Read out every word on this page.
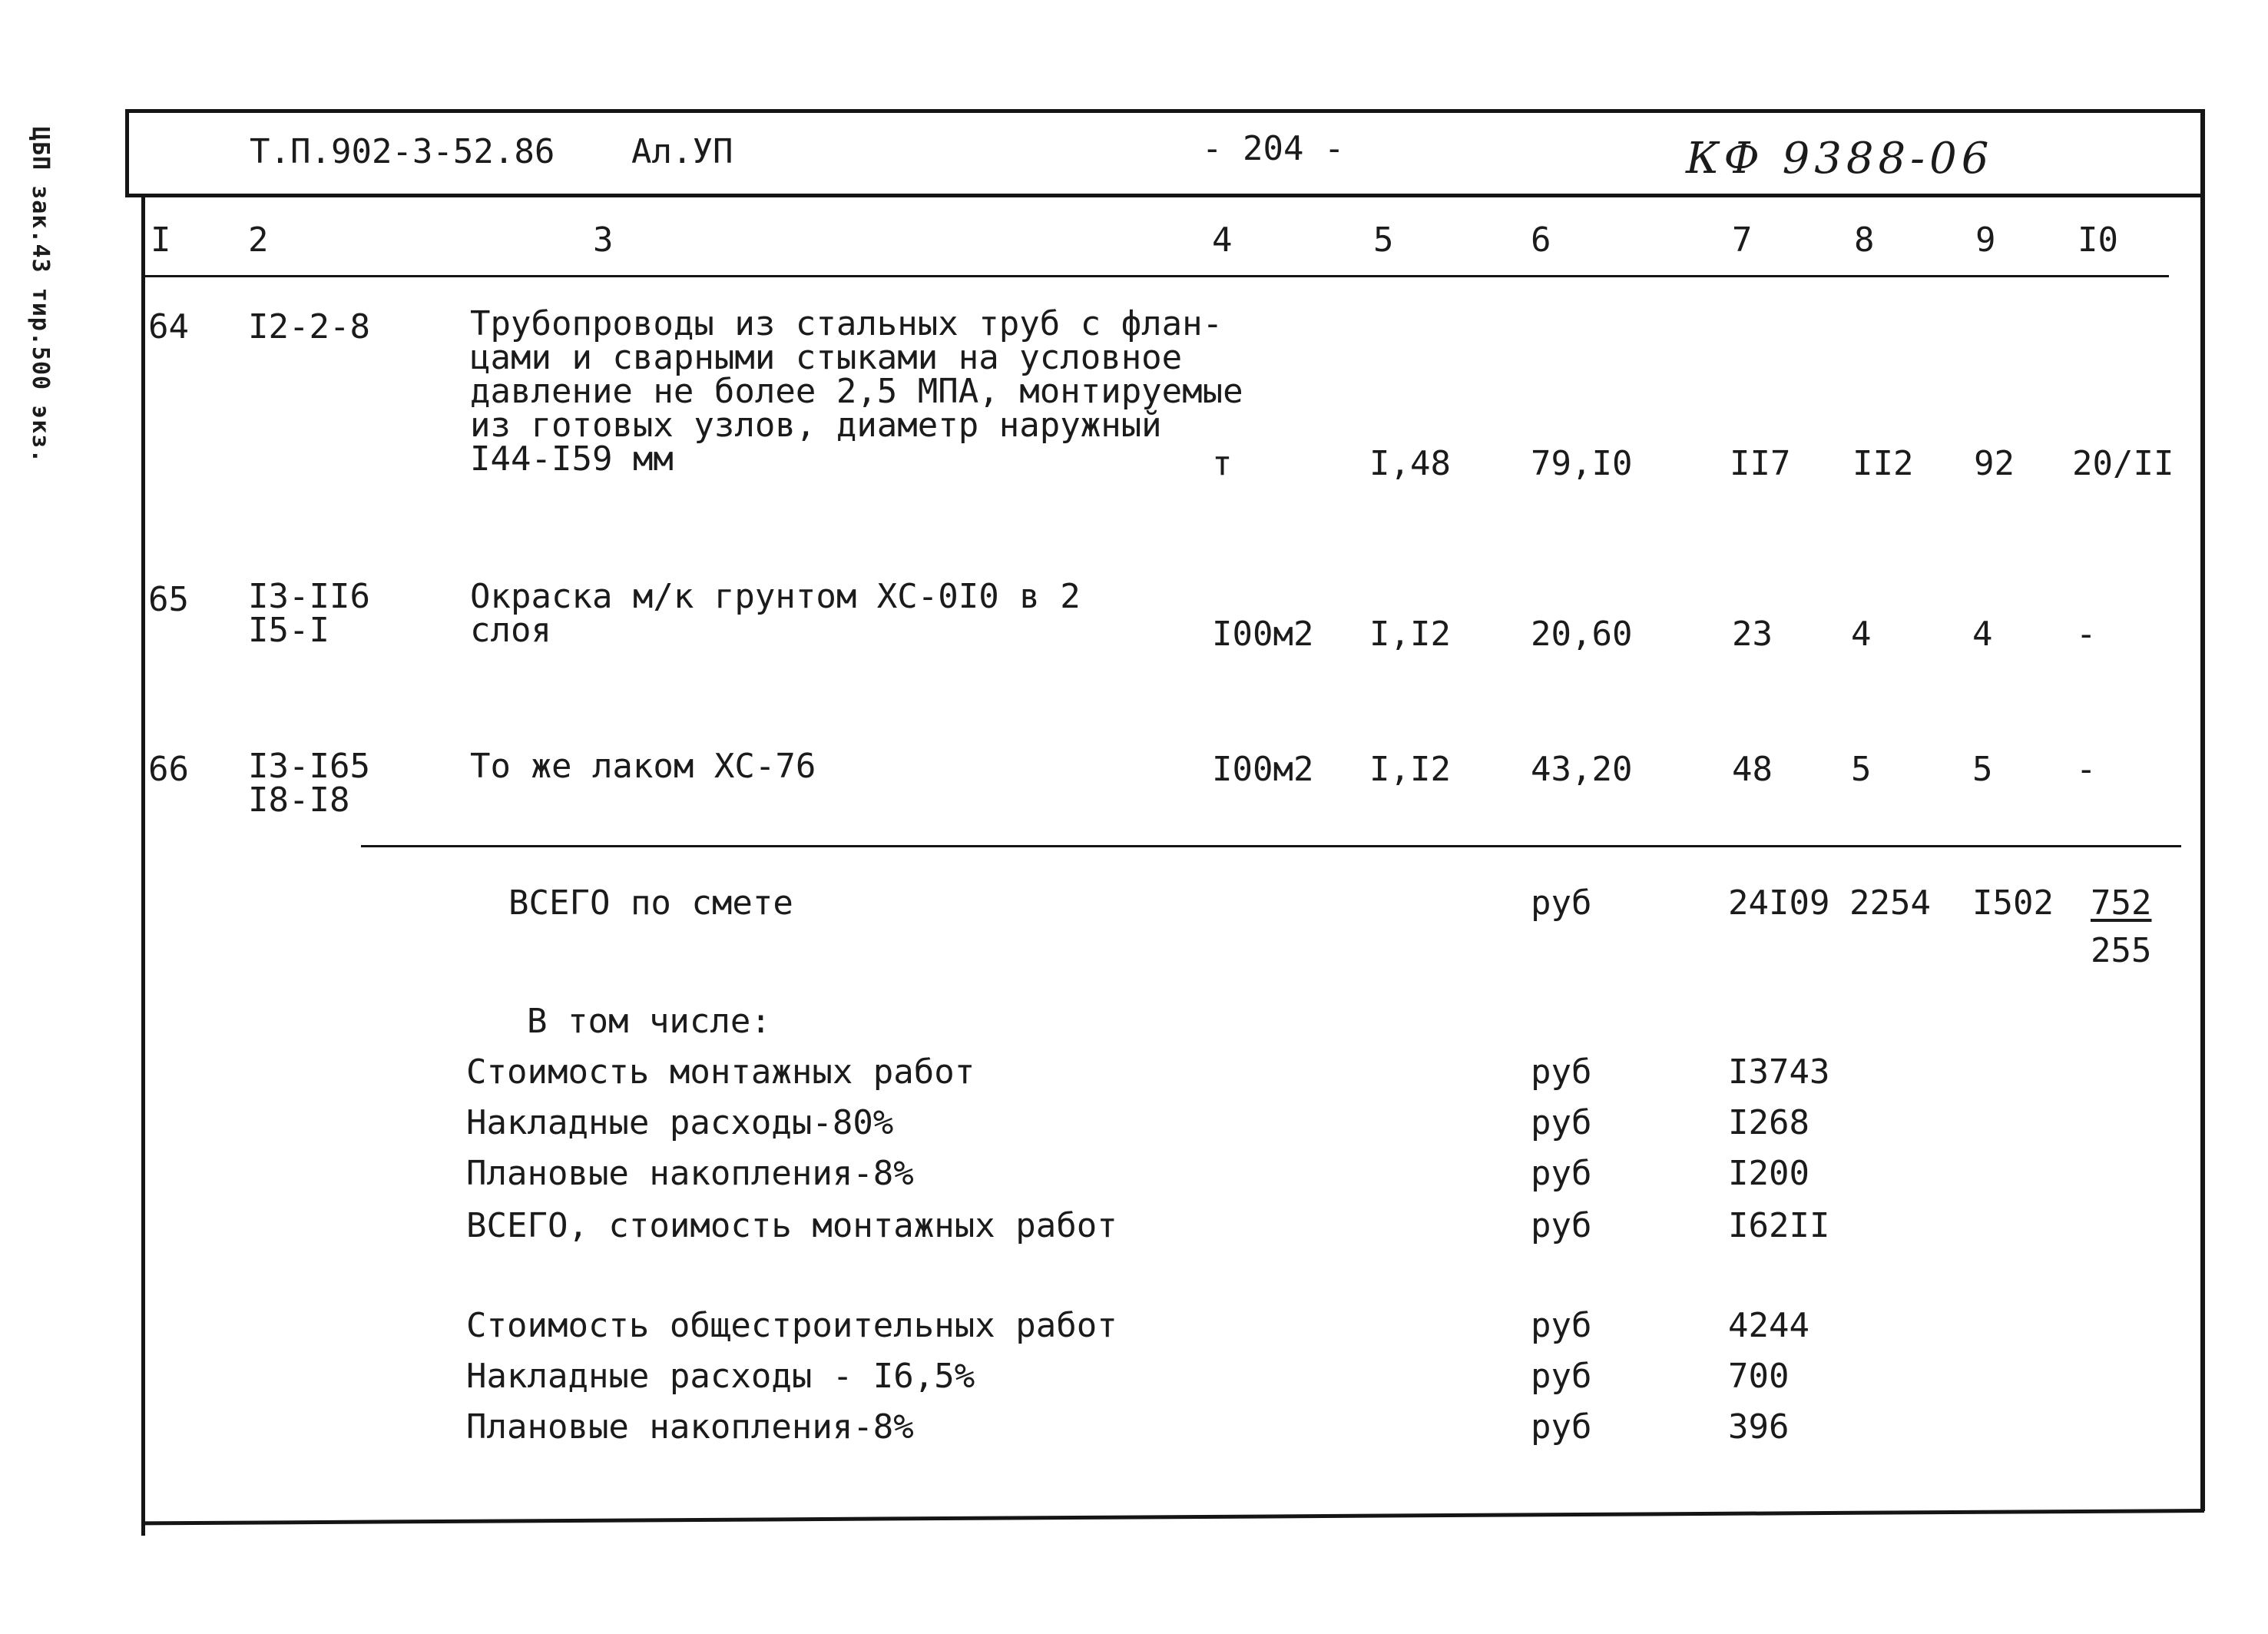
ЦБП зак.43 тир.500 экз.	Т.П.902-3-52.86 Ал.УП	- 204 -	КФ 9388-06
I 2	3	4	5	6	7	8	9 I0
64 I2-2-8	Трубопроводы из стальных труб с флан-
цами и сварными стыками на условное
давление не более 2,5 МПА, монтируемые
из готовых узлов, диаметр наружный
I44-I59 мм	т	I,48 79,I0	II7 II2 92 20/II
65 I3-II6
I5-I
Окраска м/к грунтом ХС-0I0 в 2
слоя	I00м2 I,I2 20,60	23 4	4 -
66 I3-I65
I8-I8
То же лаком ХС-76	I00м2 I,I2 43,20	48 5	5 -
ВСЕГО по смете	руб	24I09 2254 I502 752
255
В том числе:
Стоимость монтажных работ	руб	I3743
Накладные расходы-80%	руб	I268
Плановые накопления-8%	руб	I200
ВСЕГО, стоимость монтажных работ	руб	I62II
Стоимость общестроительных работ	руб	4244
Накладные расходы - I6,5%	руб	700
Плановые накопления-8%	руб	396
